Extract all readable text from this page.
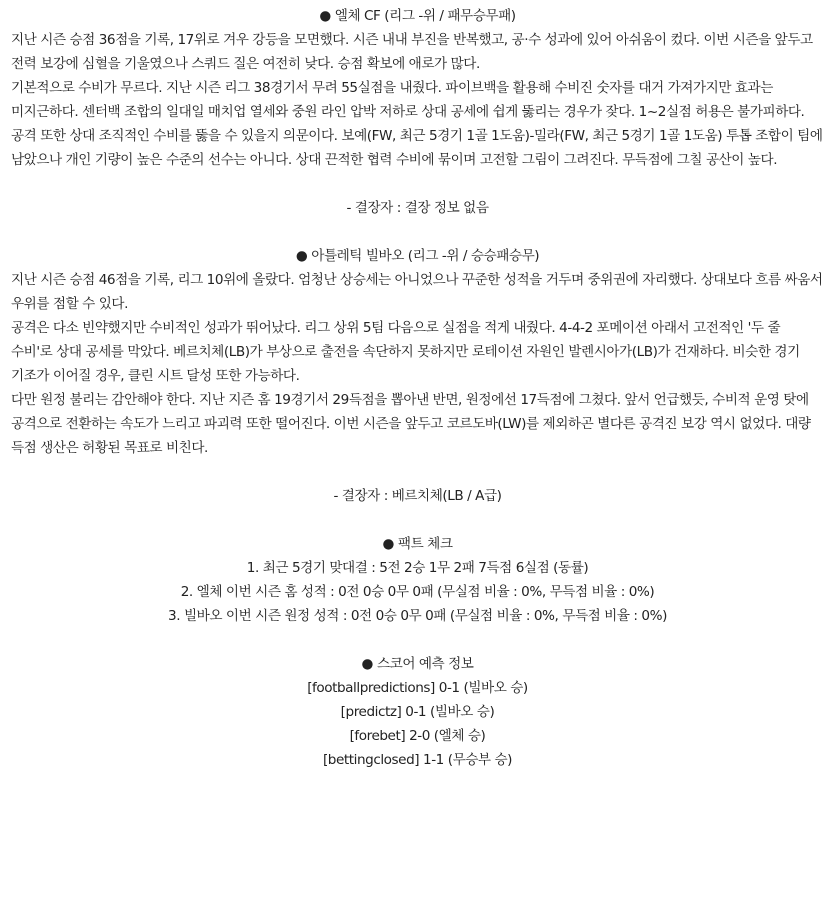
● 엘체 CF (리그 -위 / 패무승무패)
지난 시즌 승점 36점을 기록, 17위로 겨우 강등을 모면했다. 시즌 내내 부진을 반복했고, 공·수 성과에 있어 아쉬움이 컸다. 이번 시즌을 앞두고 전력 보강에 심혈을 기울였으나 스쿼드 질은 여전히 낮다. 승점 확보에 애로가 많다.
기본적으로 수비가 무르다. 지난 시즌 리그 38경기서 무려 55실점을 내줬다. 파이브백을 활용해 수비진 숫자를 대거 가져가지만 효과는 미지근하다. 센터백 조합의 일대일 매치업 열세와 중원 라인 압박 저하로 상대 공세에 쉽게 뚫리는 경우가 잦다. 1~2실점 허용은 불가피하다.
공격 또한 상대 조직적인 수비를 뚫을 수 있을지 의문이다. 보예(FW, 최근 5경기 1골 1도움)-밀라(FW, 최근 5경기 1골 1도움) 투톱 조합이 팀에 남았으나 개인 기량이 높은 수준의 선수는 아니다. 상대 끈적한 협력 수비에 묶이며 고전할 그림이 그려진다. 무득점에 그칠 공산이 높다.
- 결장자 : 결장 정보 없음
● 아틀레틱 빌바오 (리그 -위 / 승승패승무)
지난 시즌 승점 46점을 기록, 리그 10위에 올랐다. 엄청난 상승세는 아니었으나 꾸준한 성적을 거두며 중위권에 자리했다. 상대보다 흐름 싸움서 우위를 점할 수 있다.
공격은 다소 빈약했지만 수비적인 성과가 뛰어났다. 리그 상위 5팀 다음으로 실점을 적게 내줬다. 4-4-2 포메이션 아래서 고전적인 '두 줄 수비'로 상대 공세를 막았다. 베르치체(LB)가 부상으로 출전을 속단하지 못하지만 로테이션 자원인 발렌시아가(LB)가 건재하다. 비슷한 경기 기조가 이어질 경우, 클린 시트 달성 또한 가능하다.
다만 원정 불리는 감안해야 한다. 지난 지즌 홈 19경기서 29득점을 뽑아낸 반면, 원정에선 17득점에 그쳤다. 앞서 언급했듯, 수비적 운영 탓에 공격으로 전환하는 속도가 느리고 파괴력 또한 떨어진다. 이번 시즌을 앞두고 코르도바(LW)를 제외하곤 별다른 공격진 보강 역시 없었다. 대량 득점 생산은 허황된 목표로 비친다.
- 결장자 : 베르치체(LB / A급)
● 팩트 체크
1. 최근 5경기 맞대결 : 5전 2승 1무 2패 7득점 6실점 (동률)
2. 엘체 이번 시즌 홈 성적 : 0전 0승 0무 0패 (무실점 비율 : 0%, 무득점 비율 : 0%)
3. 빌바오 이번 시즌 원정 성적 : 0전 0승 0무 0패 (무실점 비율 : 0%, 무득점 비율 : 0%)
● 스코어 예측 정보
[footballpredictions] 0-1 (빌바오 승)
[predictz] 0-1 (빌바오 승)
[forebet] 2-0 (엘체 승)
[bettingclosed] 1-1 (무승부 승)
